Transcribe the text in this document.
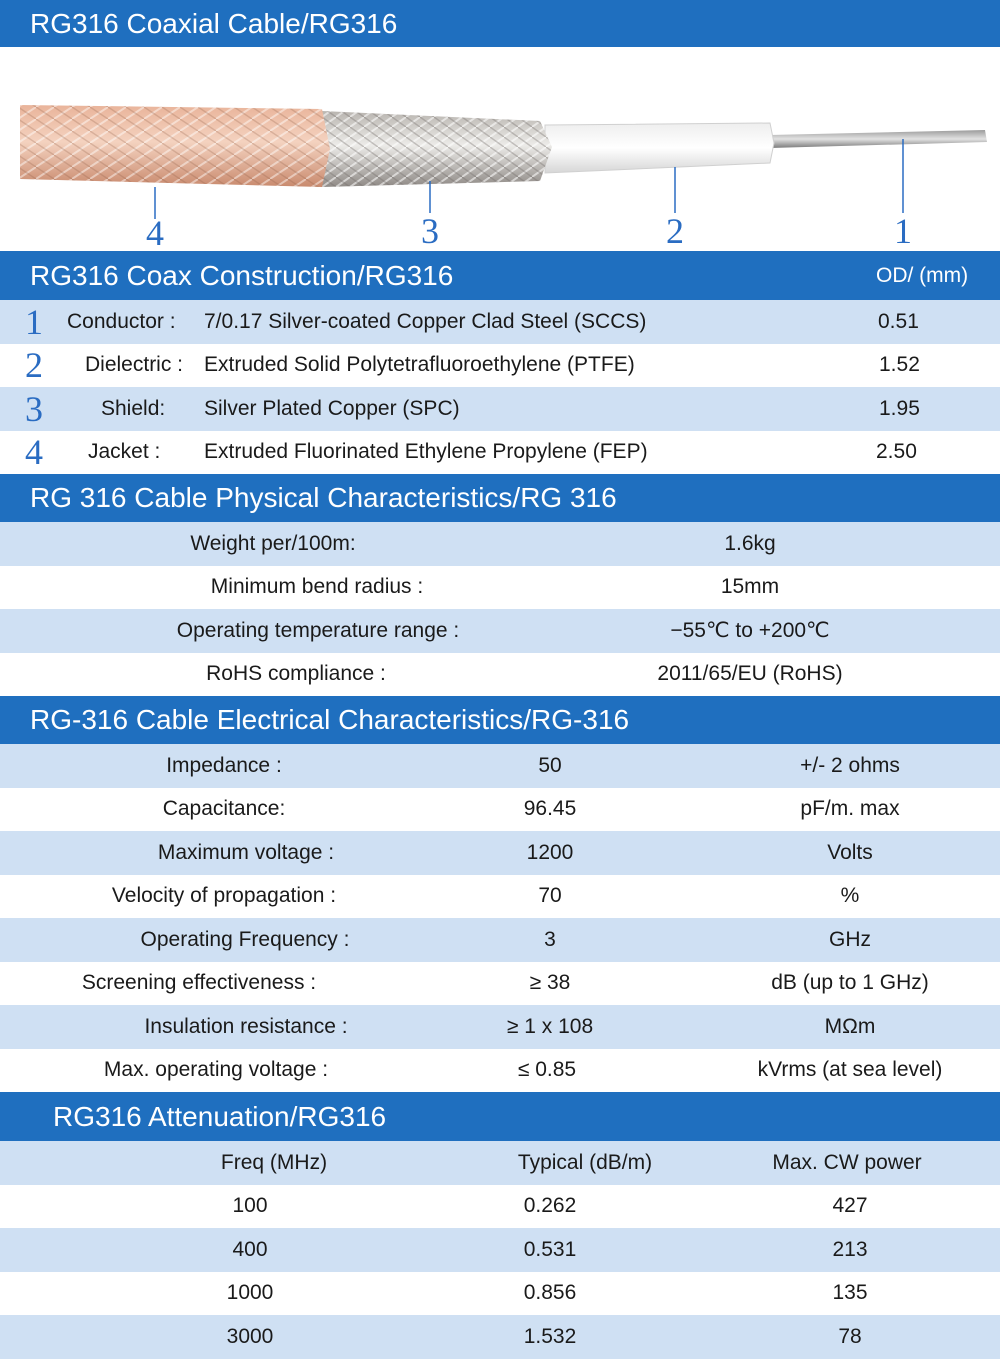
RG316 Coaxial Cable/RG316
4	3	2	1
RG316 Coax Construction/RG316	OD/ (mm)
1	Conductor : 7/0.17 Silver-coated Copper Clad Steel (SCCS)	0.51
2	Dielectric : Extruded Solid Polytetrafluoroethylene (PTFE)	1.52
3	Shield: Silver Plated Copper (SPC)	1.95
4	Jacket : Extruded Fluorinated Ethylene Propylene (FEP)	2.50
RG 316 Cable Physical Characteristics/RG 316
Weight per/100m:	1.6kg
Minimum bend radius :	15mm
Operating temperature range :	−55℃ to +200℃
RoHS compliance :	2011/65/EU (RoHS)
RG-316 Cable Electrical Characteristics/RG-316
Impedance :	50	+/- 2 ohms
Capacitance:	96.45	pF/m. max
Maximum voltage :	1200	Volts
Velocity of propagation :	70	%
Operating Frequency :	3	GHz
Screening effectiveness :	≥ 38	dB (up to 1 GHz)
Insulation resistance :	≥ 1 x 108	MΩm
Max. operating voltage :	≤ 0.85	kVrms (at sea level)
RG316 Attenuation/RG316
Freq (MHz)	Typical (dB/m)	Max. CW power
100	0.262	427
400	0.531	213
1000	0.856	135
3000	1.532	78
